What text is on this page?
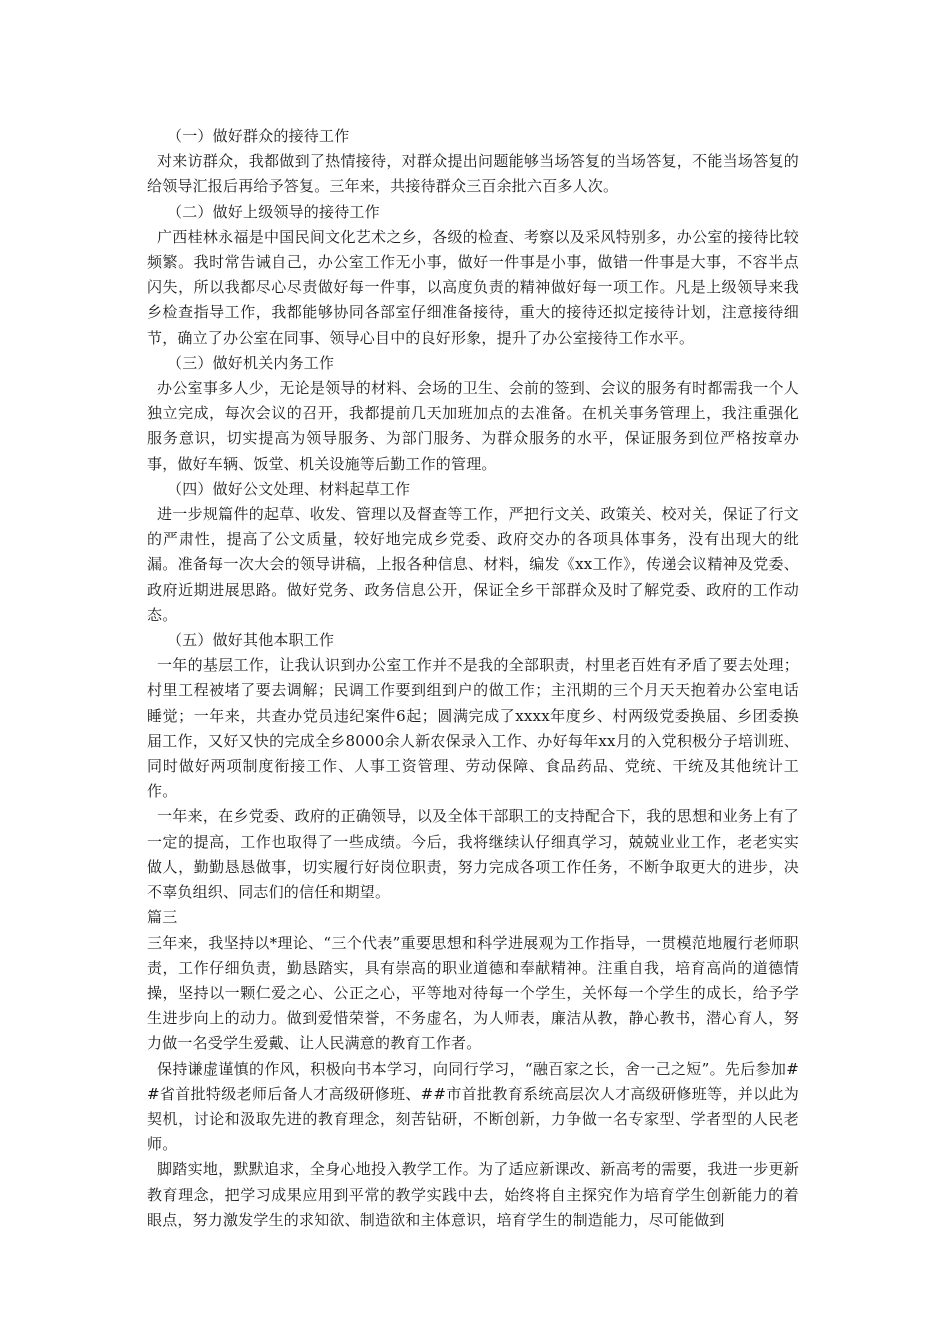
（一）做好群众的接待工作

对来访群众，我都做到了热情接待，对群众提出问题能够当场答复的当场答复，不能当场答复的给领导汇报后再给予答复。三年来，共接待群众三百余批六百多人次。

（二）做好上级领导的接待工作

广西桂林永福是中国民间文化艺术之乡，各级的检查、考察以及采风特别多，办公室的接待比较频繁。我时常告诫自己，办公室工作无小事，做好一件事是小事，做错一件事是大事，不容半点闪失，所以我都尽心尽责做好每一件事，以高度负责的精神做好每一项工作。凡是上级领导来我乡检查指导工作，我都能够协同各部室仔细准备接待，重大的接待还拟定接待计划，注意接待细节，确立了办公室在同事、领导心目中的良好形象，提升了办公室接待工作水平。

（三）做好机关内务工作

办公室事多人少，无论是领导的材料、会场的卫生、会前的签到、会议的服务有时都需我一个人独立完成，每次会议的召开，我都提前几天加班加点的去准备。在机关事务管理上，我注重强化服务意识，切实提高为领导服务、为部门服务、为群众服务的水平，保证服务到位严格按章办事，做好车辆、饭堂、机关设施等后勤工作的管理。

（四）做好公文处理、材料起草工作

进一步规篇件的起草、收发、管理以及督查等工作，严把行文关、政策关、校对关，保证了行文的严肃性，提高了公文质量，较好地完成乡党委、政府交办的各项具体事务，没有出现大的纰漏。准备每一次大会的领导讲稿，上报各种信息、材料，编发《xx工作》，传递会议精神及党委、政府近期进展思路。做好党务、政务信息公开，保证全乡干部群众及时了解党委、政府的工作动态。

（五）做好其他本职工作

一年的基层工作，让我认识到办公室工作并不是我的全部职责，村里老百姓有矛盾了要去处理；村里工程被堵了要去调解；民调工作要到组到户的做工作；主汛期的三个月天天抱着办公室电话睡觉；一年来，共查办党员违纪案件6起；圆满完成了xxxx年度乡、村两级党委换届、乡团委换届工作，又好又快的完成全乡8000余人新农保录入工作、办好每年xx月的入党积极分子培训班、同时做好两项制度衔接工作、人事工资管理、劳动保障、食品药品、党统、干统及其他统计工作。

一年来，在乡党委、政府的正确领导，以及全体干部职工的支持配合下，我的思想和业务上有了一定的提高，工作也取得了一些成绩。今后，我将继续认仔细真学习，兢兢业业工作，老老实实做人，勤勤恳恳做事，切实履行好岗位职责，努力完成各项工作任务，不断争取更大的进步，决不辜负组织、同志们的信任和期望。

篇三

三年来，我坚持以*理论、“三个代表”重要思想和科学进展观为工作指导，一贯模范地履行老师职责，工作仔细负责，勤恳踏实，具有崇高的职业道德和奉献精神。注重自我，培育高尚的道德情操，坚持以一颗仁爱之心、公正之心，平等地对待每一个学生，关怀每一个学生的成长，给予学生进步向上的动力。做到爱惜荣誉，不务虚名，为人师表，廉洁从教，静心教书，潜心育人，努力做一名受学生爱戴、让人民满意的教育工作者。

保持谦虚谨慎的作风，积极向书本学习，向同行学习，“融百家之长，舍一己之短”。先后参加##省首批特级老师后备人才高级研修班、##市首批教育系统高层次人才高级研修班等，并以此为契机，讨论和汲取先进的教育理念，刻苦钻研，不断创新，力争做一名专家型、学者型的人民老师。

脚踏实地，默默追求，全身心地投入教学工作。为了适应新课改、新高考的需要，我进一步更新教育理念，把学习成果应用到平常的教学实践中去，始终将自主探究作为培育学生创新能力的着眼点，努力激发学生的求知欲、制造欲和主体意识，培育学生的制造能力，尽可能做到
